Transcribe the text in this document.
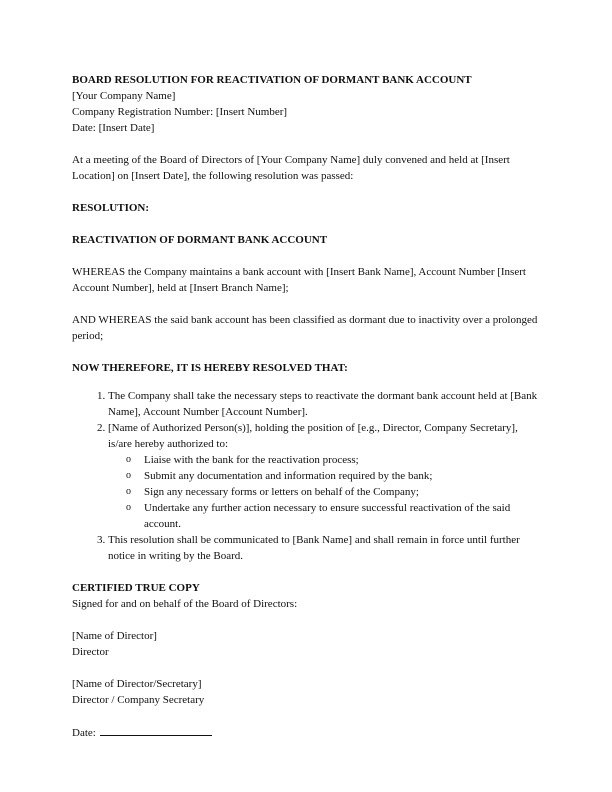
BOARD RESOLUTION FOR REACTIVATION OF DORMANT BANK ACCOUNT

[Your Company Name]

Company Registration Number: [Insert Number]

Date: [Insert Date]

At a meeting of the Board of Directors of [Your Company Name] duly convened and held at [Insert Location] on [Insert Date], the following resolution was passed:

RESOLUTION:

REACTIVATION OF DORMANT BANK ACCOUNT

WHEREAS the Company maintains a bank account with [Insert Bank Name], Account Number [Insert Account Number], held at [Insert Branch Name];

AND WHEREAS the said bank account has been classified as dormant due to inactivity over a prolonged period;

NOW THEREFORE, IT IS HEREBY RESOLVED THAT:

1. The Company shall take the necessary steps to reactivate the dormant bank account held at [Bank Name], Account Number [Account Number].
2. [Name of Authorized Person(s)], holding the position of [e.g., Director, Company Secretary], is/are hereby authorized to:
o Liaise with the bank for the reactivation process;
o Submit any documentation and information required by the bank;
o Sign any necessary forms or letters on behalf of the Company;
o Undertake any further action necessary to ensure successful reactivation of the said account.
3. This resolution shall be communicated to [Bank Name] and shall remain in force until further notice in writing by the Board.

CERTIFIED TRUE COPY

Signed for and on behalf of the Board of Directors:

[Name of Director]

Director

[Name of Director/Secretary]

Director / Company Secretary

Date:
